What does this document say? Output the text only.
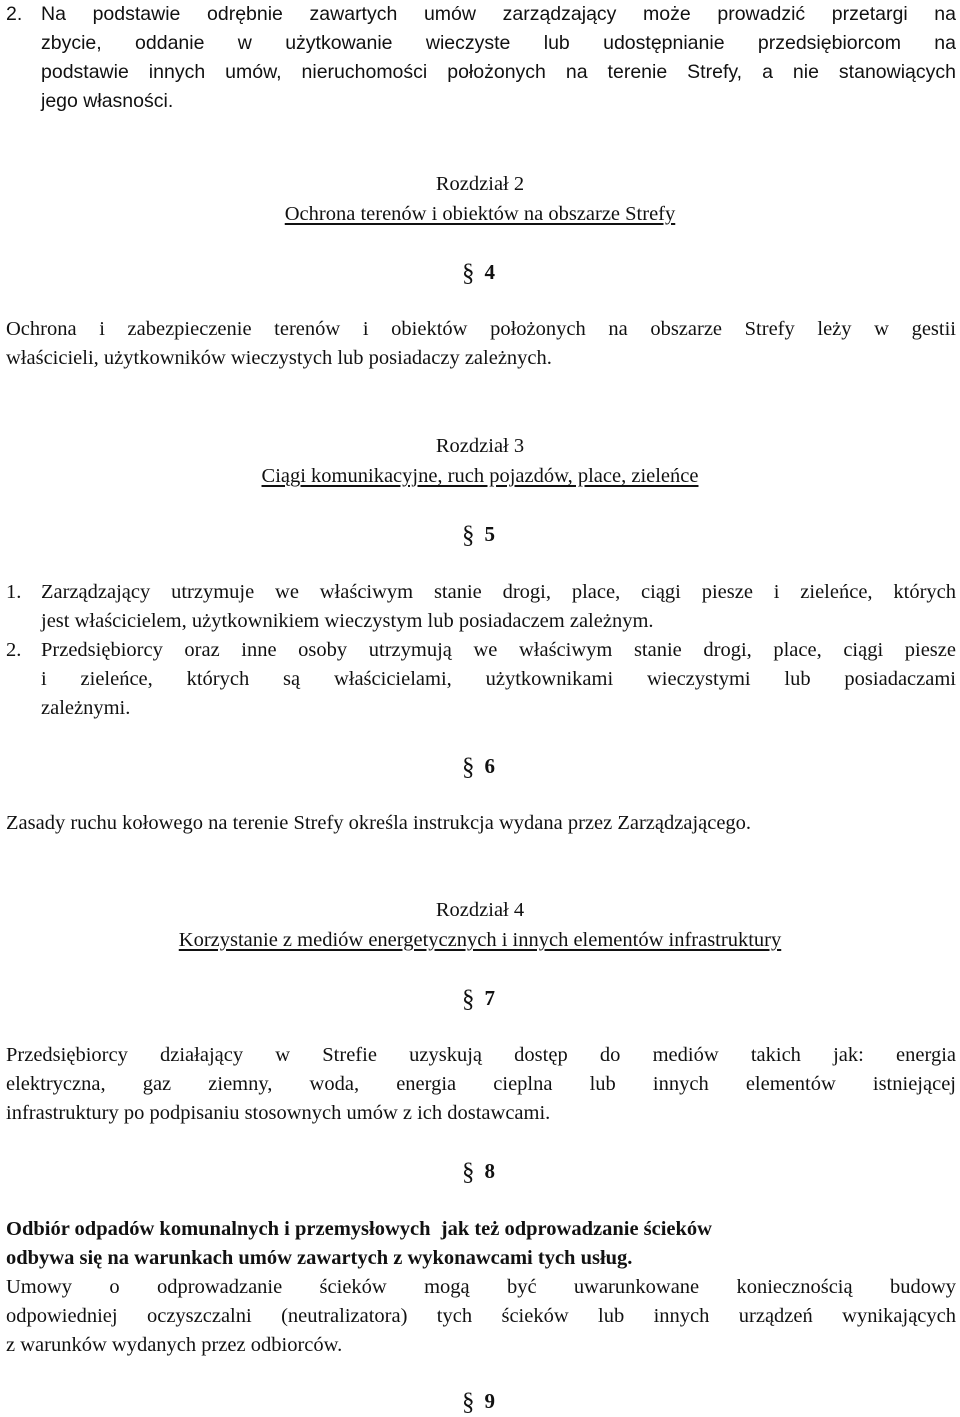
2. Na podstawie odrębnie zawartych umów zarządzający może prowadzić przetargi na
zbycie, oddanie w użytkowanie wieczyste lub udostępnianie przedsiębiorcom na
podstawie innych umów, nieruchomości położonych na terenie Strefy, a nie stanowiących
jego własności.
Rozdział 2
Ochrona terenów i obiektów na obszarze Strefy
§ 4
Ochrona i zabezpieczenie terenów i obiektów położonych na obszarze Strefy leży w gestii
właścicieli, użytkowników wieczystych lub posiadaczy zależnych.
Rozdział 3
Ciągi komunikacyjne, ruch pojazdów, place, zieleńce
§ 5
1. Zarządzający utrzymuje we właściwym stanie drogi, place, ciągi piesze i zieleńce, których
jest właścicielem, użytkownikiem wieczystym lub posiadaczem zależnym.
2. Przedsiębiorcy oraz inne osoby utrzymują we właściwym stanie drogi, place, ciągi piesze
i zieleńce, których są właścicielami, użytkownikami wieczystymi lub posiadaczami
zależnymi.
§ 6
Zasady ruchu kołowego na terenie Strefy określa instrukcja wydana przez Zarządzającego.
Rozdział 4
Korzystanie z mediów energetycznych i innych elementów infrastruktury
§ 7
Przedsiębiorcy działający w Strefie uzyskują dostęp do mediów takich jak: energia
elektryczna, gaz ziemny, woda, energia cieplna lub innych elementów istniejącej
infrastruktury po podpisaniu stosownych umów z ich dostawcami.
§ 8
Odbiór odpadów komunalnych i przemysłowych  jak też odprowadzanie ścieków
odbywa się na warunkach umów zawartych z wykonawcami tych usług.
Umowy o odprowadzanie ścieków mogą być uwarunkowane koniecznością budowy
odpowiedniej oczyszczalni (neutralizatora) tych ścieków lub innych urządzeń wynikających
z warunków wydanych przez odbiorców.
§ 9
